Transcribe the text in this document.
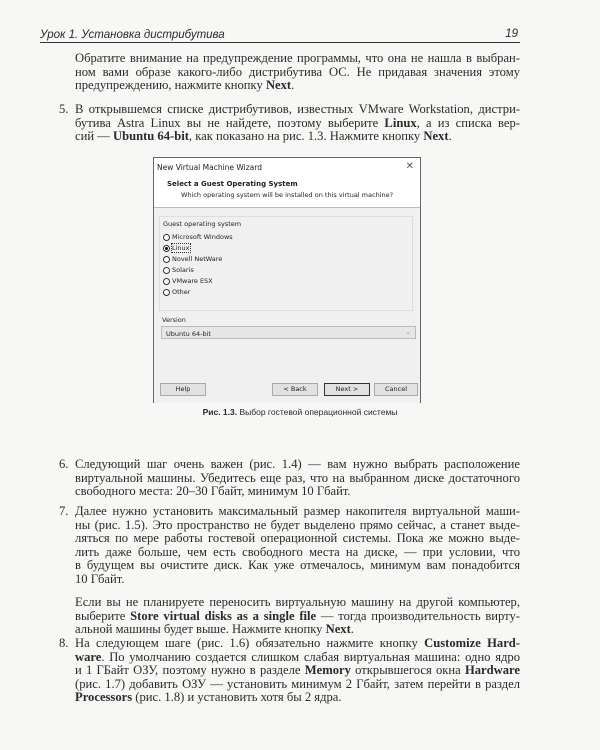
Урок 1. Установка дистрибутива	19
Обратите внимание на предупреждение программы, что она не нашла в выбран-
ном вами образе какого-либо дистрибутива ОС. Не придавая значения этому
предупреждению, нажмите кнопку Next.
5. В открывшемся списке дистрибутивов, известных VMware Workstation, дистри-
бутива Astra Linux вы не найдете, поэтому выберите Linux, а из списка вер-
сий — Ubuntu 64-bit, как показано на рис. 1.3. Нажмите кнопку Next.
New Virtual Machine Wizard	✕
Select a Guest Operating System
Which operating system will be installed on this virtual machine?
Guest operating system
Microsoft Windows
Linux
Novell NetWare
Solaris
VMware ESX
Other
Version
Ubuntu 64-bit	⌄
Help	< Back	Next >	Cancel
Рис. 1.3. Выбор гостевой операционной системы
6. Следующий шаг очень важен (рис. 1.4) — вам нужно выбрать расположение
виртуальной машины. Убедитесь еще раз, что на выбранном диске достаточного
свободного места: 20–30 Гбайт, минимум 10 Гбайт.
7. Далее нужно установить максимальный размер накопителя виртуальной маши-
ны (рис. 1.5). Это пространство не будет выделено прямо сейчас, а станет выде-
ляться по мере работы гостевой операционной системы. Пока же можно выде-
лить даже больше, чем есть свободного места на диске, — при условии, что
в будущем вы очистите диск. Как уже отмечалось, минимум вам понадобится
10 Гбайт.
Если вы не планируете переносить виртуальную машину на другой компьютер,
выберите Store virtual disks as a single file — тогда производительность вирту-
альной машины будет выше. Нажмите кнопку Next.
8. На следующем шаге (рис. 1.6) обязательно нажмите кнопку Customize Hard-
ware. По умолчанию создается слишком слабая виртуальная машина: одно ядро
и 1 ГБайт ОЗУ, поэтому нужно в разделе Memory открывшегося окна Hardware
(рис. 1.7) добавить ОЗУ — установить минимум 2 Гбайт, затем перейти в раздел
Processors (рис. 1.8) и установить хотя бы 2 ядра.
